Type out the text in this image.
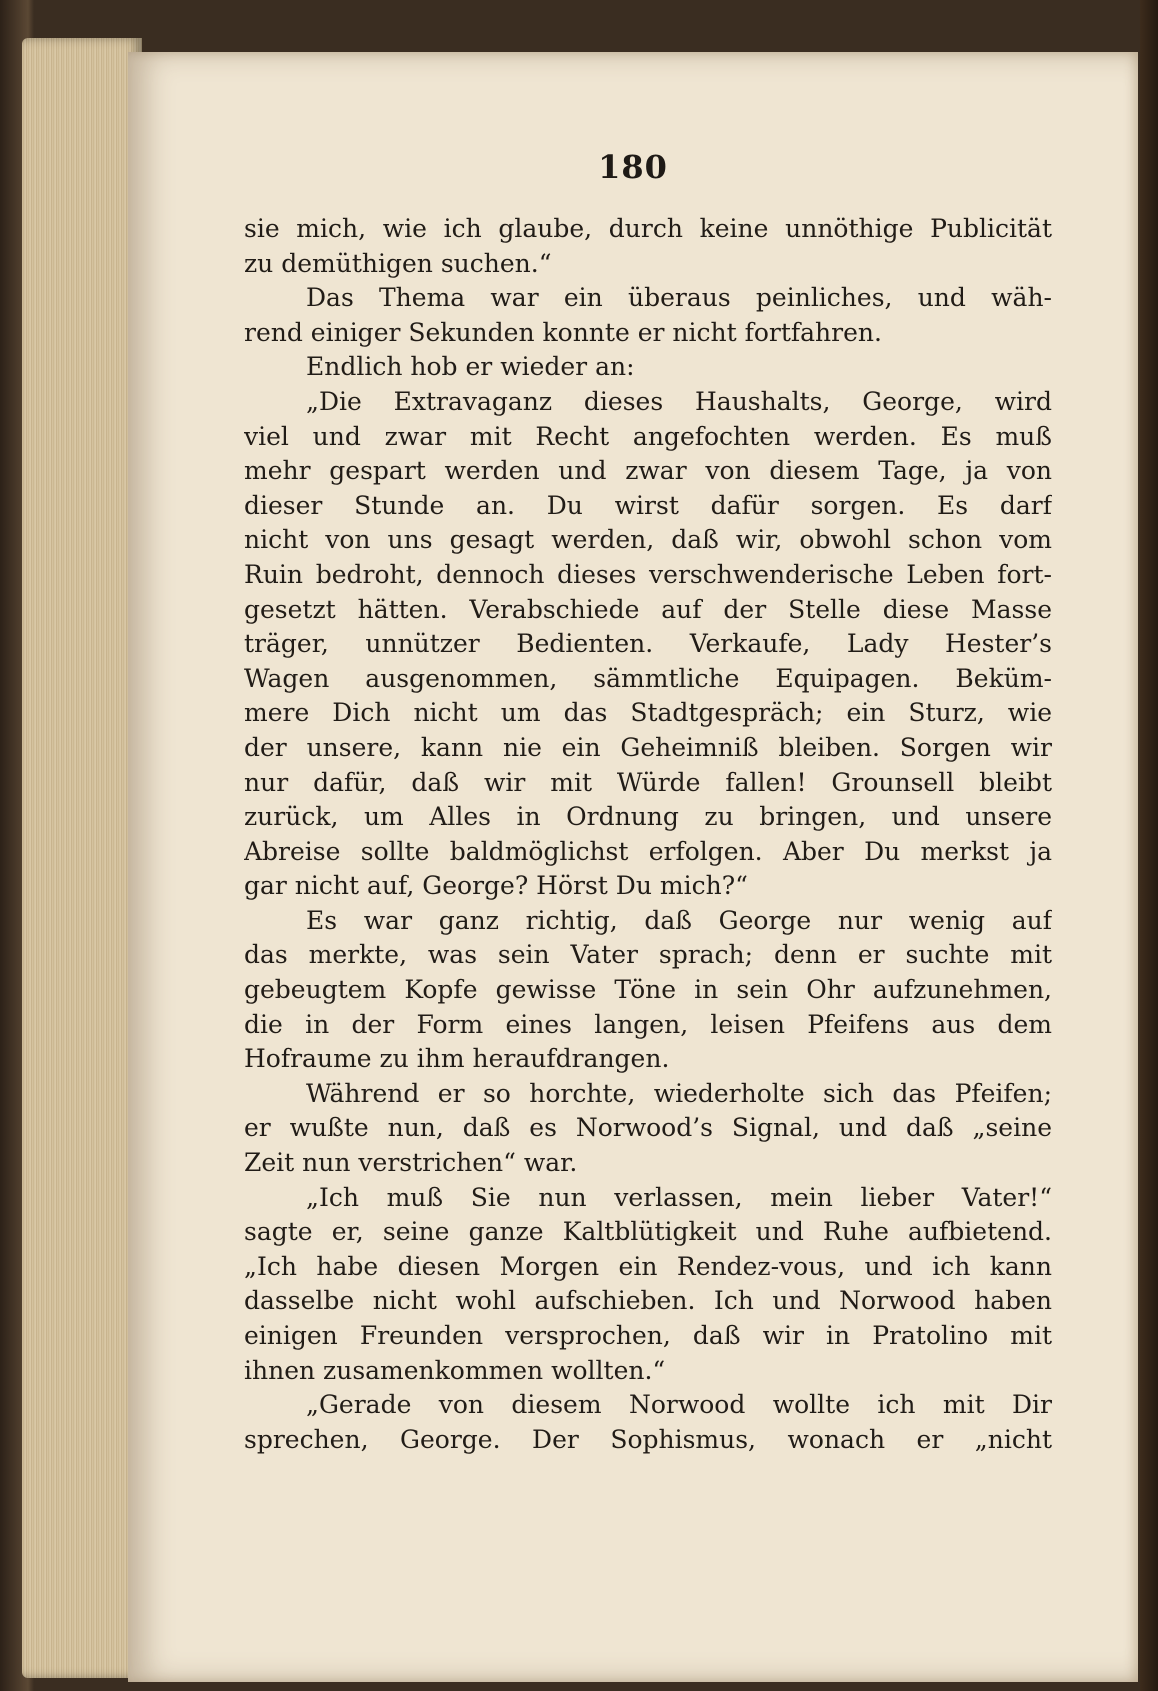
180
sie mich, wie ich glaube, durch keine unnöthige Publicität
zu demüthigen suchen.“
Das Thema war ein überaus peinliches, und wäh-
rend einiger Sekunden konnte er nicht fortfahren.
Endlich hob er wieder an:
„Die Extravaganz dieses Haushalts, George, wird
viel und zwar mit Recht angefochten werden. Es muß
mehr gespart werden und zwar von diesem Tage, ja von
dieser Stunde an. Du wirst dafür sorgen. Es darf
nicht von uns gesagt werden, daß wir, obwohl schon vom
Ruin bedroht, dennoch dieses verschwenderische Leben fort-
gesetzt hätten. Verabschiede auf der Stelle diese Masse
träger, unnützer Bedienten. Verkaufe, Lady Hester’s
Wagen ausgenommen, sämmtliche Equipagen. Beküm-
mere Dich nicht um das Stadtgespräch; ein Sturz, wie
der unsere, kann nie ein Geheimniß bleiben. Sorgen wir
nur dafür, daß wir mit Würde fallen! Grounsell bleibt
zurück, um Alles in Ordnung zu bringen, und unsere
Abreise sollte baldmöglichst erfolgen. Aber Du merkst ja
gar nicht auf, George? Hörst Du mich?“
Es war ganz richtig, daß George nur wenig auf
das merkte, was sein Vater sprach; denn er suchte mit
gebeugtem Kopfe gewisse Töne in sein Ohr aufzunehmen,
die in der Form eines langen, leisen Pfeifens aus dem
Hofraume zu ihm heraufdrangen.
Während er so horchte, wiederholte sich das Pfeifen;
er wußte nun, daß es Norwood’s Signal, und daß „seine
Zeit nun verstrichen“ war.
„Ich muß Sie nun verlassen, mein lieber Vater!“
sagte er, seine ganze Kaltblütigkeit und Ruhe aufbietend.
„Ich habe diesen Morgen ein Rendez-vous, und ich kann
dasselbe nicht wohl aufschieben. Ich und Norwood haben
einigen Freunden versprochen, daß wir in Pratolino mit
ihnen zusamenkommen wollten.“
„Gerade von diesem Norwood wollte ich mit Dir
sprechen, George. Der Sophismus, wonach er „nicht
